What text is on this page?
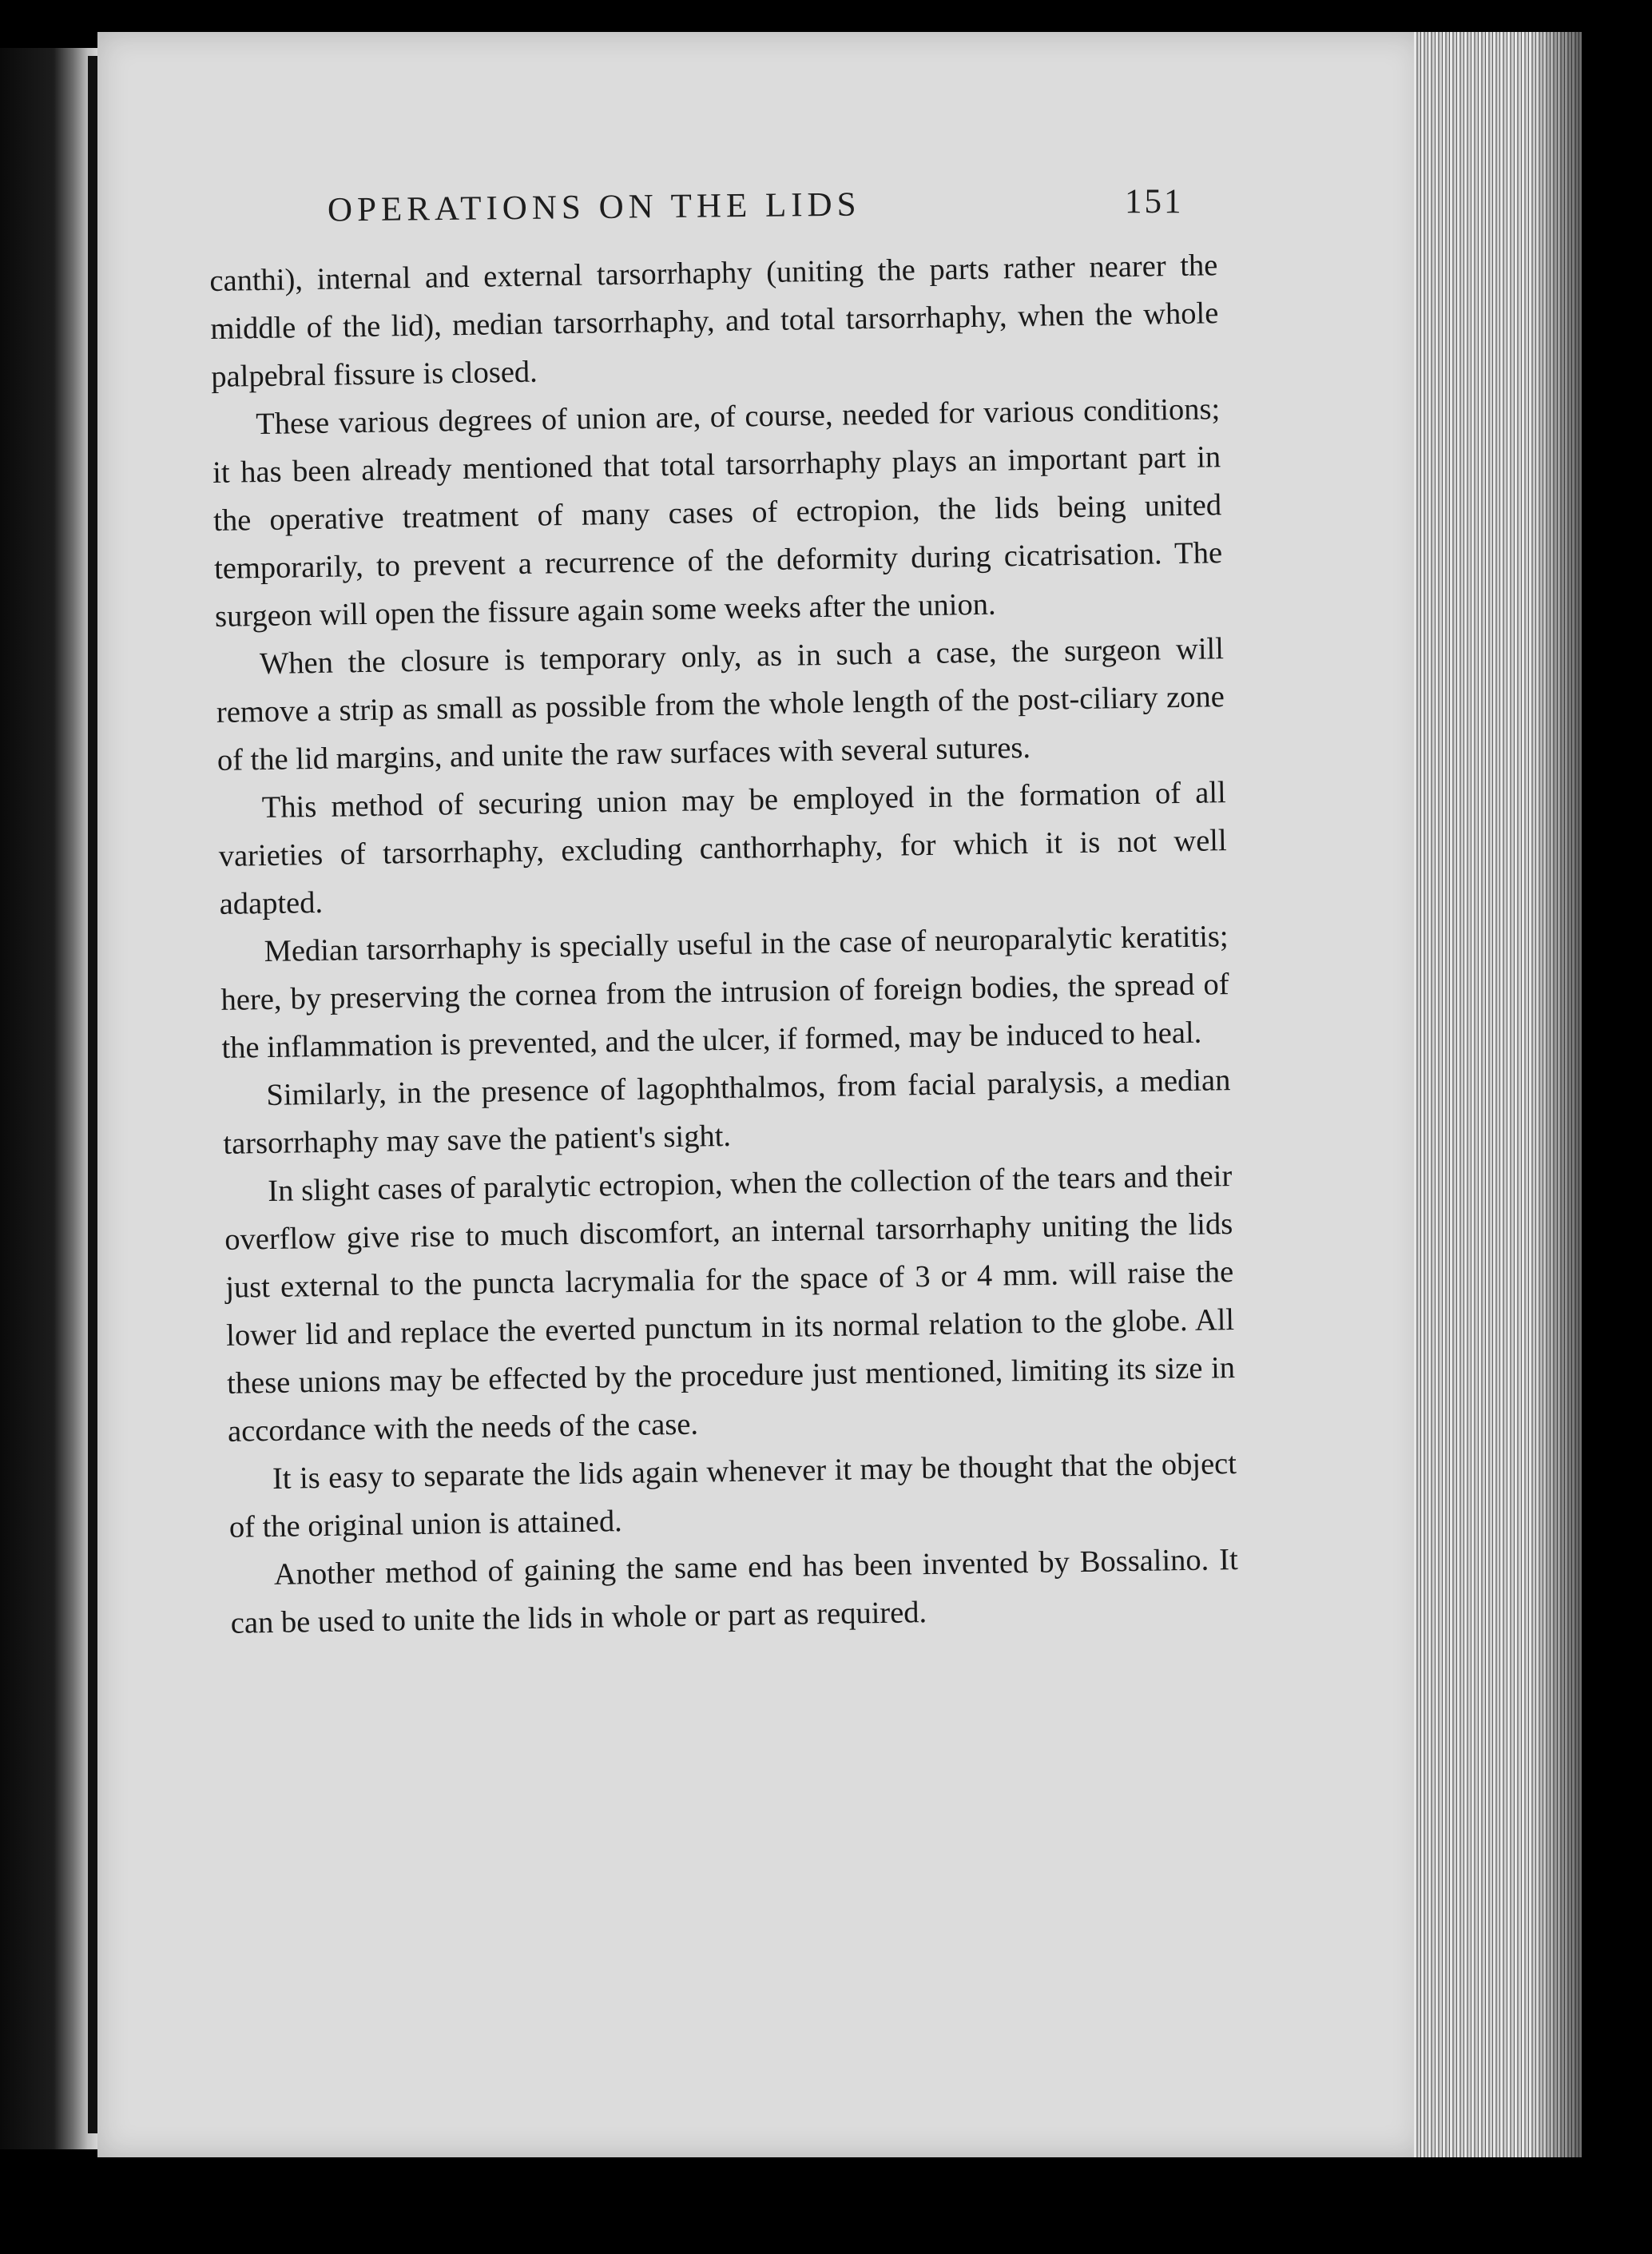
OPERATIONS ON THE LIDS	151

canthi), internal and external tarsorrhaphy (uniting the parts rather nearer the middle of the lid), median tarsorrhaphy, and total tarsorrhaphy, when the whole palpebral fissure is closed.

These various degrees of union are, of course, needed for various conditions; it has been already mentioned that total tarsorrhaphy plays an important part in the operative treatment of many cases of ectropion, the lids being united temporarily, to prevent a recurrence of the deformity during cicatrisation. The surgeon will open the fissure again some weeks after the union.

When the closure is temporary only, as in such a case, the surgeon will remove a strip as small as possible from the whole length of the post-ciliary zone of the lid margins, and unite the raw surfaces with several sutures.

This method of securing union may be employed in the formation of all varieties of tarsorrhaphy, excluding canthorrhaphy, for which it is not well adapted.

Median tarsorrhaphy is specially useful in the case of neuroparalytic keratitis; here, by preserving the cornea from the intrusion of foreign bodies, the spread of the inflammation is prevented, and the ulcer, if formed, may be induced to heal.

Similarly, in the presence of lagophthalmos, from facial paralysis, a median tarsorrhaphy may save the patient's sight.

In slight cases of paralytic ectropion, when the collection of the tears and their overflow give rise to much discomfort, an internal tarsorrhaphy uniting the lids just external to the puncta lacrymalia for the space of 3 or 4 mm. will raise the lower lid and replace the everted punctum in its normal relation to the globe. All these unions may be effected by the procedure just mentioned, limiting its size in accordance with the needs of the case.

It is easy to separate the lids again whenever it may be thought that the object of the original union is attained.

Another method of gaining the same end has been invented by Bossalino. It can be used to unite the lids in whole or part as required.
